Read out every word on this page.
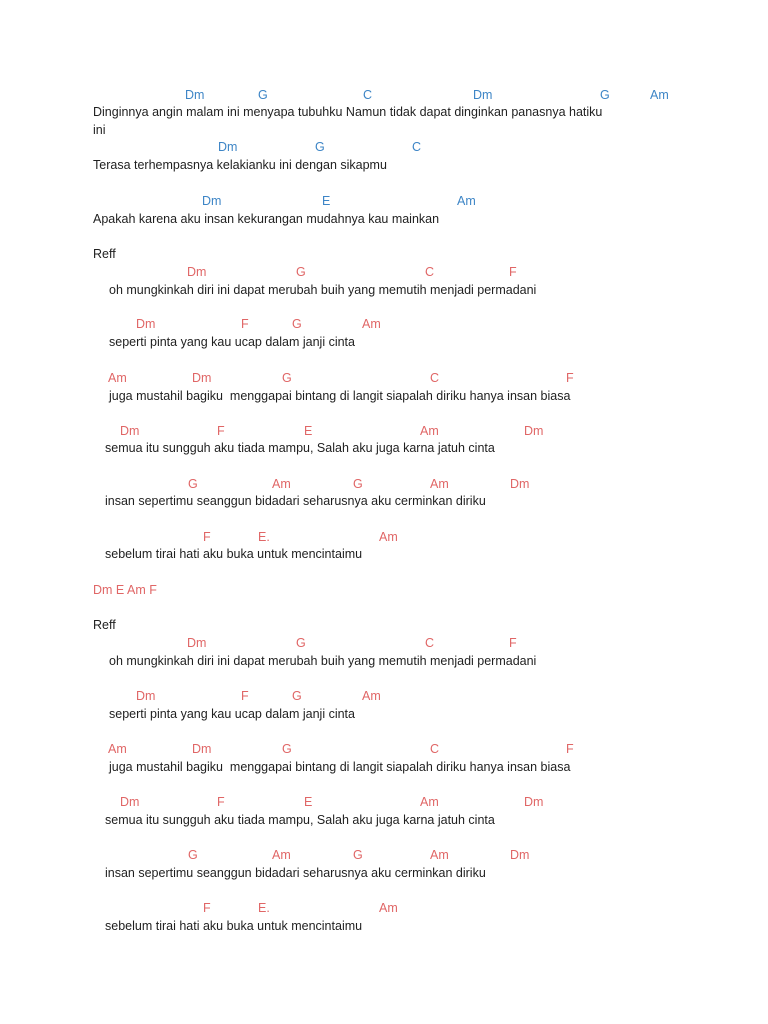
Dm	G	C	Dm	G	Am
Dinginnya angin malam ini menyapa tubuhku Namun tidak dapat dinginkan panasnya hatiku
ini
Dm	G	C
Terasa terhempasnya kelakianku ini dengan sikapmu
Dm	E	Am
Apakah karena aku insan kekurangan mudahnya kau mainkan
Reff
Dm	G	C	F
oh mungkinkah diri ini dapat merubah buih yang memutih menjadi permadani
Dm	F	G	Am
seperti pinta yang kau ucap dalam janji cinta
Am	Dm	G	C	F
juga mustahil bagiku  menggapai bintang di langit siapalah diriku hanya insan biasa
Dm	F	E	Am	Dm
semua itu sungguh aku tiada mampu, Salah aku juga karna jatuh cinta
G	Am	G	Am	Dm
insan sepertimu seanggun bidadari seharusnya aku cerminkan diriku
F	E.	Am
sebelum tirai hati aku buka untuk mencintaimu
Dm E Am F
Reff
Dm	G	C	F
oh mungkinkah diri ini dapat merubah buih yang memutih menjadi permadani
Dm	F	G	Am
seperti pinta yang kau ucap dalam janji cinta
Am	Dm	G	C	F
juga mustahil bagiku  menggapai bintang di langit siapalah diriku hanya insan biasa
Dm	F	E	Am	Dm
semua itu sungguh aku tiada mampu, Salah aku juga karna jatuh cinta
G	Am	G	Am	Dm
insan sepertimu seanggun bidadari seharusnya aku cerminkan diriku
F	E.	Am
sebelum tirai hati aku buka untuk mencintaimu
